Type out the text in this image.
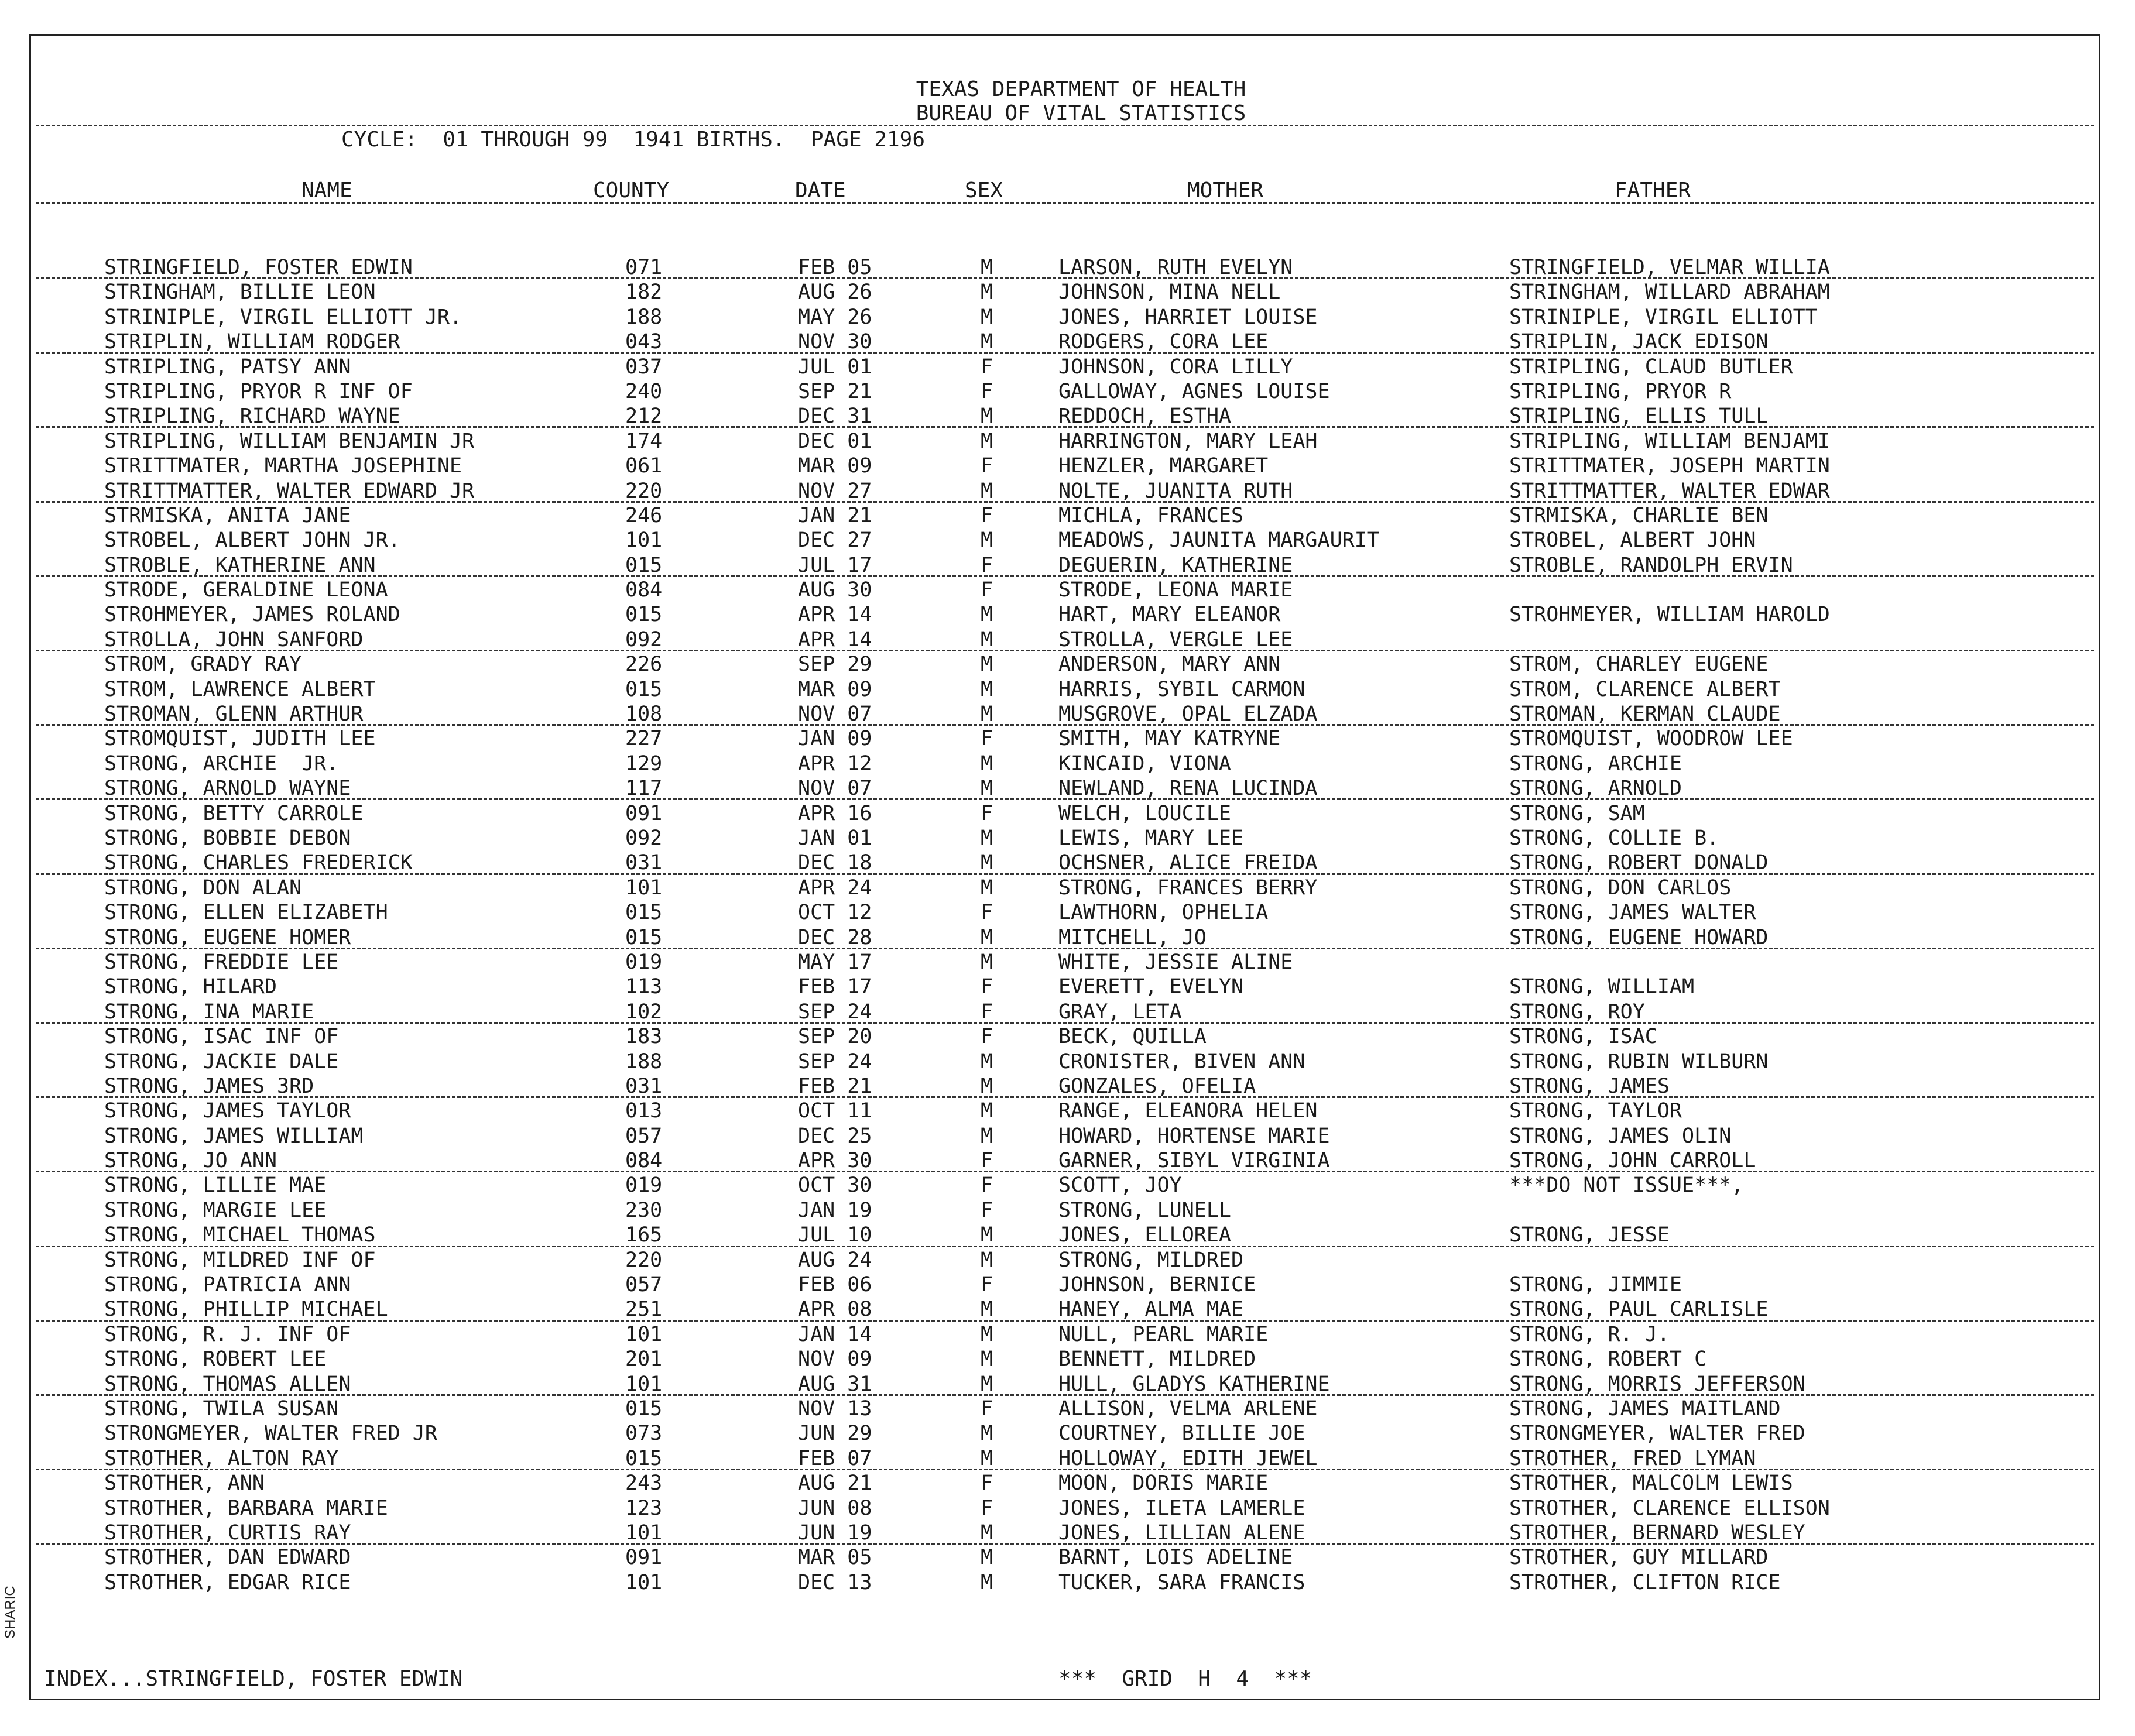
TEXAS DEPARTMENT OF HEALTH
BUREAU OF VITAL STATISTICS
CYCLE:  01 THROUGH 99  1941 BIRTHS.  PAGE 2196
NAME	COUNTY	DATE	SEX	MOTHER	FATHER
STRINGFIELD, FOSTER EDWIN	071	FEB 05	M	LARSON, RUTH EVELYN	STRINGFIELD, VELMAR WILLIA
STRINGHAM, BILLIE LEON	182	AUG 26	M	JOHNSON, MINA NELL	STRINGHAM, WILLARD ABRAHAM
STRINIPLE, VIRGIL ELLIOTT JR.	188	MAY 26	M	JONES, HARRIET LOUISE	STRINIPLE, VIRGIL ELLIOTT
STRIPLIN, WILLIAM RODGER	043	NOV 30	M	RODGERS, CORA LEE	STRIPLIN, JACK EDISON
STRIPLING, PATSY ANN	037	JUL 01	F	JOHNSON, CORA LILLY	STRIPLING, CLAUD BUTLER
STRIPLING, PRYOR R INF OF	240	SEP 21	F	GALLOWAY, AGNES LOUISE	STRIPLING, PRYOR R
STRIPLING, RICHARD WAYNE	212	DEC 31	M	REDDOCH, ESTHA	STRIPLING, ELLIS TULL
STRIPLING, WILLIAM BENJAMIN JR	174	DEC 01	M	HARRINGTON, MARY LEAH	STRIPLING, WILLIAM BENJAMI
STRITTMATER, MARTHA JOSEPHINE	061	MAR 09	F	HENZLER, MARGARET	STRITTMATER, JOSEPH MARTIN
STRITTMATTER, WALTER EDWARD JR	220	NOV 27	M	NOLTE, JUANITA RUTH	STRITTMATTER, WALTER EDWAR
STRMISKA, ANITA JANE	246	JAN 21	F	MICHLA, FRANCES	STRMISKA, CHARLIE BEN
STROBEL, ALBERT JOHN JR.	101	DEC 27	M	MEADOWS, JAUNITA MARGAURIT	STROBEL, ALBERT JOHN
STROBLE, KATHERINE ANN	015	JUL 17	F	DEGUERIN, KATHERINE	STROBLE, RANDOLPH ERVIN
STRODE, GERALDINE LEONA	084	AUG 30	F	STRODE, LEONA MARIE
STROHMEYER, JAMES ROLAND	015	APR 14	M	HART, MARY ELEANOR	STROHMEYER, WILLIAM HAROLD
STROLLA, JOHN SANFORD	092	APR 14	M	STROLLA, VERGLE LEE
STROM, GRADY RAY	226	SEP 29	M	ANDERSON, MARY ANN	STROM, CHARLEY EUGENE
STROM, LAWRENCE ALBERT	015	MAR 09	M	HARRIS, SYBIL CARMON	STROM, CLARENCE ALBERT
STROMAN, GLENN ARTHUR	108	NOV 07	M	MUSGROVE, OPAL ELZADA	STROMAN, KERMAN CLAUDE
STROMQUIST, JUDITH LEE	227	JAN 09	F	SMITH, MAY KATRYNE	STROMQUIST, WOODROW LEE
STRONG, ARCHIE  JR.	129	APR 12	M	KINCAID, VIONA	STRONG, ARCHIE
STRONG, ARNOLD WAYNE	117	NOV 07	M	NEWLAND, RENA LUCINDA	STRONG, ARNOLD
STRONG, BETTY CARROLE	091	APR 16	F	WELCH, LOUCILE	STRONG, SAM
STRONG, BOBBIE DEBON	092	JAN 01	M	LEWIS, MARY LEE	STRONG, COLLIE B.
STRONG, CHARLES FREDERICK	031	DEC 18	M	OCHSNER, ALICE FREIDA	STRONG, ROBERT DONALD
STRONG, DON ALAN	101	APR 24	M	STRONG, FRANCES BERRY	STRONG, DON CARLOS
STRONG, ELLEN ELIZABETH	015	OCT 12	F	LAWTHORN, OPHELIA	STRONG, JAMES WALTER
STRONG, EUGENE HOMER	015	DEC 28	M	MITCHELL, JO	STRONG, EUGENE HOWARD
STRONG, FREDDIE LEE	019	MAY 17	M	WHITE, JESSIE ALINE
STRONG, HILARD	113	FEB 17	F	EVERETT, EVELYN	STRONG, WILLIAM
STRONG, INA MARIE	102	SEP 24	F	GRAY, LETA	STRONG, ROY
STRONG, ISAC INF OF	183	SEP 20	F	BECK, QUILLA	STRONG, ISAC
STRONG, JACKIE DALE	188	SEP 24	M	CRONISTER, BIVEN ANN	STRONG, RUBIN WILBURN
STRONG, JAMES 3RD	031	FEB 21	M	GONZALES, OFELIA	STRONG, JAMES
STRONG, JAMES TAYLOR	013	OCT 11	M	RANGE, ELEANORA HELEN	STRONG, TAYLOR
STRONG, JAMES WILLIAM	057	DEC 25	M	HOWARD, HORTENSE MARIE	STRONG, JAMES OLIN
STRONG, JO ANN	084	APR 30	F	GARNER, SIBYL VIRGINIA	STRONG, JOHN CARROLL
STRONG, LILLIE MAE	019	OCT 30	F	SCOTT, JOY	***DO NOT ISSUE***,
STRONG, MARGIE LEE	230	JAN 19	F	STRONG, LUNELL
STRONG, MICHAEL THOMAS	165	JUL 10	M	JONES, ELLOREA	STRONG, JESSE
STRONG, MILDRED INF OF	220	AUG 24	M	STRONG, MILDRED
STRONG, PATRICIA ANN	057	FEB 06	F	JOHNSON, BERNICE	STRONG, JIMMIE
STRONG, PHILLIP MICHAEL	251	APR 08	M	HANEY, ALMA MAE	STRONG, PAUL CARLISLE
STRONG, R. J. INF OF	101	JAN 14	M	NULL, PEARL MARIE	STRONG, R. J.
STRONG, ROBERT LEE	201	NOV 09	M	BENNETT, MILDRED	STRONG, ROBERT C
STRONG, THOMAS ALLEN	101	AUG 31	M	HULL, GLADYS KATHERINE	STRONG, MORRIS JEFFERSON
STRONG, TWILA SUSAN	015	NOV 13	F	ALLISON, VELMA ARLENE	STRONG, JAMES MAITLAND
STRONGMEYER, WALTER FRED JR	073	JUN 29	M	COURTNEY, BILLIE JOE	STRONGMEYER, WALTER FRED
STROTHER, ALTON RAY	015	FEB 07	M	HOLLOWAY, EDITH JEWEL	STROTHER, FRED LYMAN
STROTHER, ANN	243	AUG 21	F	MOON, DORIS MARIE	STROTHER, MALCOLM LEWIS
STROTHER, BARBARA MARIE	123	JUN 08	F	JONES, ILETA LAMERLE	STROTHER, CLARENCE ELLISON
STROTHER, CURTIS RAY	101	JUN 19	M	JONES, LILLIAN ALENE	STROTHER, BERNARD WESLEY
STROTHER, DAN EDWARD	091	MAR 05	M	BARNT, LOIS ADELINE	STROTHER, GUY MILLARD
STROTHER, EDGAR RICE	101	DEC 13	M	TUCKER, SARA FRANCIS	STROTHER, CLIFTON RICE
INDEX...STRINGFIELD, FOSTER EDWIN	***  GRID  H  4  ***
SHARIC
